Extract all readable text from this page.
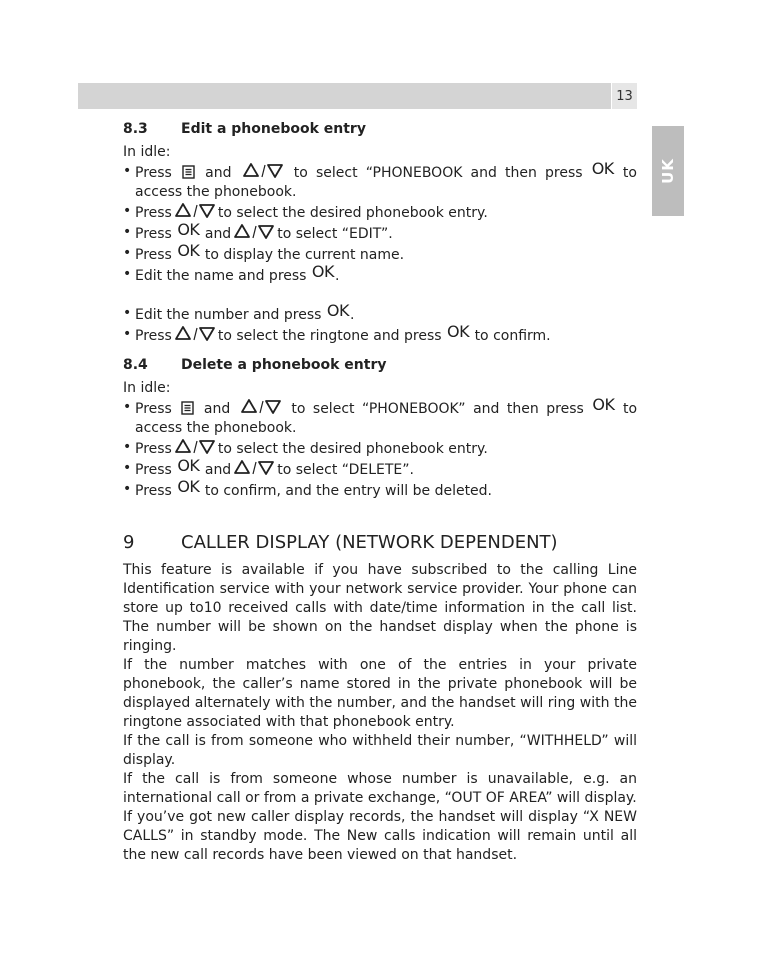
13
UK

8.3 Edit a phonebook entry

In idle:

• Press and	to select “PHONEBOOK and then press OK to

access the phonebook.

• Press	to select the desired phonebook entry.
• Press OK and	to select “EDIT”.
• Press OK to display the current name.
• Edit the name and press OK.
• Edit the number and press OK.
• Press	to select the ringtone and press OK to confirm.

8.4 Delete a phonebook entry

In idle:

• Press and	to select “PHONEBOOK” and then press OK to

access the phonebook.

• Press	to select the desired phonebook entry.
• Press OK and	to select “DELETE”.
• Press OK to confirm, and the entry will be deleted.

9	CALLER DISPLAY (NETWORK DEPENDENT)

This feature is available if you have subscribed to the calling Line Identification service with your network service provider. Your phone can store up to10 received calls with date/time information in the call list. The number will be shown on the handset display when the phone is ringing.

If the number matches with one of the entries in your private phonebook, the caller’s name stored in the private phonebook will be displayed alternately with the number, and the handset will ring with the ringtone associated with that phonebook entry.

If the call is from someone who withheld their number, “WITHHELD” will display.

If the call is from someone whose number is unavailable, e.g. an international call or from a private exchange, “OUT OF AREA” will display.

If you’ve got new caller display records, the handset will display “X NEW CALLS” in standby mode. The New calls indication will remain until all the new call records have been viewed on that handset.
